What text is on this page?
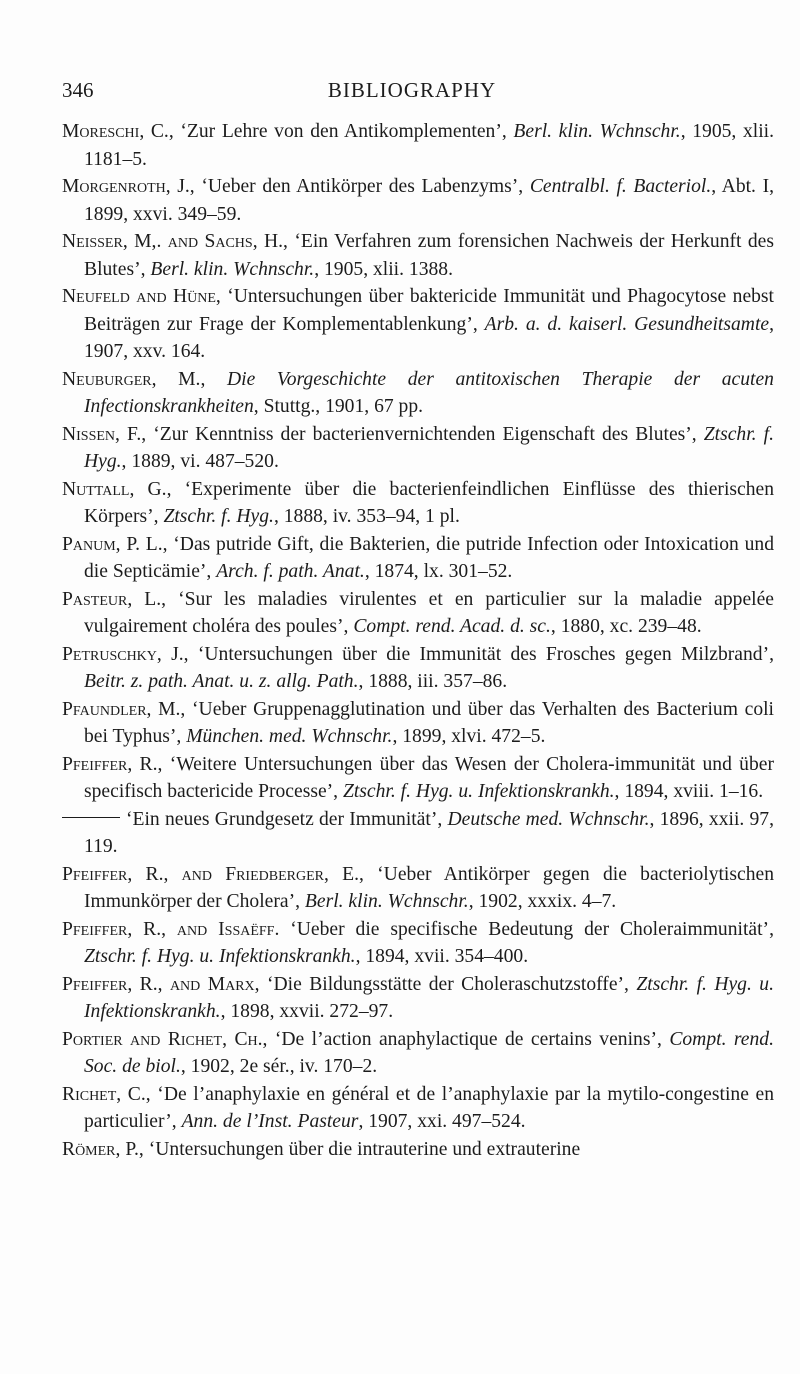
346	BIBLIOGRAPHY

Moreschi, C., ‘Zur Lehre von den Antikomplementen’, Berl. klin. Wchnschr., 1905, xlii. 1181–5.

Morgenroth, J., ‘Ueber den Antikörper des Labenzyms’, Centralbl. f. Bacteriol., Abt. I, 1899, xxvi. 349–59.

Neisser, M,. and Sachs, H., ‘Ein Verfahren zum forensichen Nachweis der Herkunft des Blutes’, Berl. klin. Wchnschr., 1905, xlii. 1388.

Neufeld and Hüne, ‘Untersuchungen über baktericide Immunität und Phagocytose nebst Beiträgen zur Frage der Komplementablenkung’, Arb. a. d. kaiserl. Gesundheitsamte, 1907, xxv. 164.

Neuburger, M., Die Vorgeschichte der antitoxischen Therapie der acuten Infectionskrankheiten, Stuttg., 1901, 67 pp.

Nissen, F., ‘Zur Kenntniss der bacterienvernichtenden Eigenschaft des Blutes’, Ztschr. f. Hyg., 1889, vi. 487–520.

Nuttall, G., ‘Experimente über die bacterienfeindlichen Einflüsse des thierischen Körpers’, Ztschr. f. Hyg., 1888, iv. 353–94, 1 pl.

Panum, P. L., ‘Das putride Gift, die Bakterien, die putride Infection oder Intoxication und die Septicämie’, Arch. f. path. Anat., 1874, lx. 301–52.

Pasteur, L., ‘Sur les maladies virulentes et en particulier sur la maladie appelée vulgairement choléra des poules’, Compt. rend. Acad. d. sc., 1880, xc. 239–48.

Petruschky, J., ‘Untersuchungen über die Immunität des Frosches gegen Milzbrand’, Beitr. z. path. Anat. u. z. allg. Path., 1888, iii. 357–86.

Pfaundler, M., ‘Ueber Gruppenagglutination und über das Verhalten des Bacterium coli bei Typhus’, München. med. Wchnschr., 1899, xlvi. 472–5.

Pfeiffer, R., ‘Weitere Untersuchungen über das Wesen der Cholera-immunität und über specifisch bactericide Processe’, Ztschr. f. Hyg. u. Infektionskrankh., 1894, xviii. 1–16.

‘Ein neues Grundgesetz der Immunität’, Deutsche med. Wchnschr., 1896, xxii. 97, 119.

Pfeiffer, R., and Friedberger, E., ‘Ueber Antikörper gegen die bacteriolytischen Immunkörper der Cholera’, Berl. klin. Wchnschr., 1902, xxxix. 4–7.

Pfeiffer, R., and Issaëff. ‘Ueber die specifische Bedeutung der Choleraimmunität’, Ztschr. f. Hyg. u. Infektionskrankh., 1894, xvii. 354–400.

Pfeiffer, R., and Marx, ‘Die Bildungsstätte der Choleraschutzstoffe’, Ztschr. f. Hyg. u. Infektionskrankh., 1898, xxvii. 272–97.

Portier and Richet, Ch., ‘De l’action anaphylactique de certains venins’, Compt. rend. Soc. de biol., 1902, 2e sér., iv. 170–2.

Richet, C., ‘De l’anaphylaxie en général et de l’anaphylaxie par la mytilo-congestine en particulier’, Ann. de l’Inst. Pasteur, 1907, xxi. 497–524.

Römer, P., ‘Untersuchungen über die intrauterine und extrauterine
